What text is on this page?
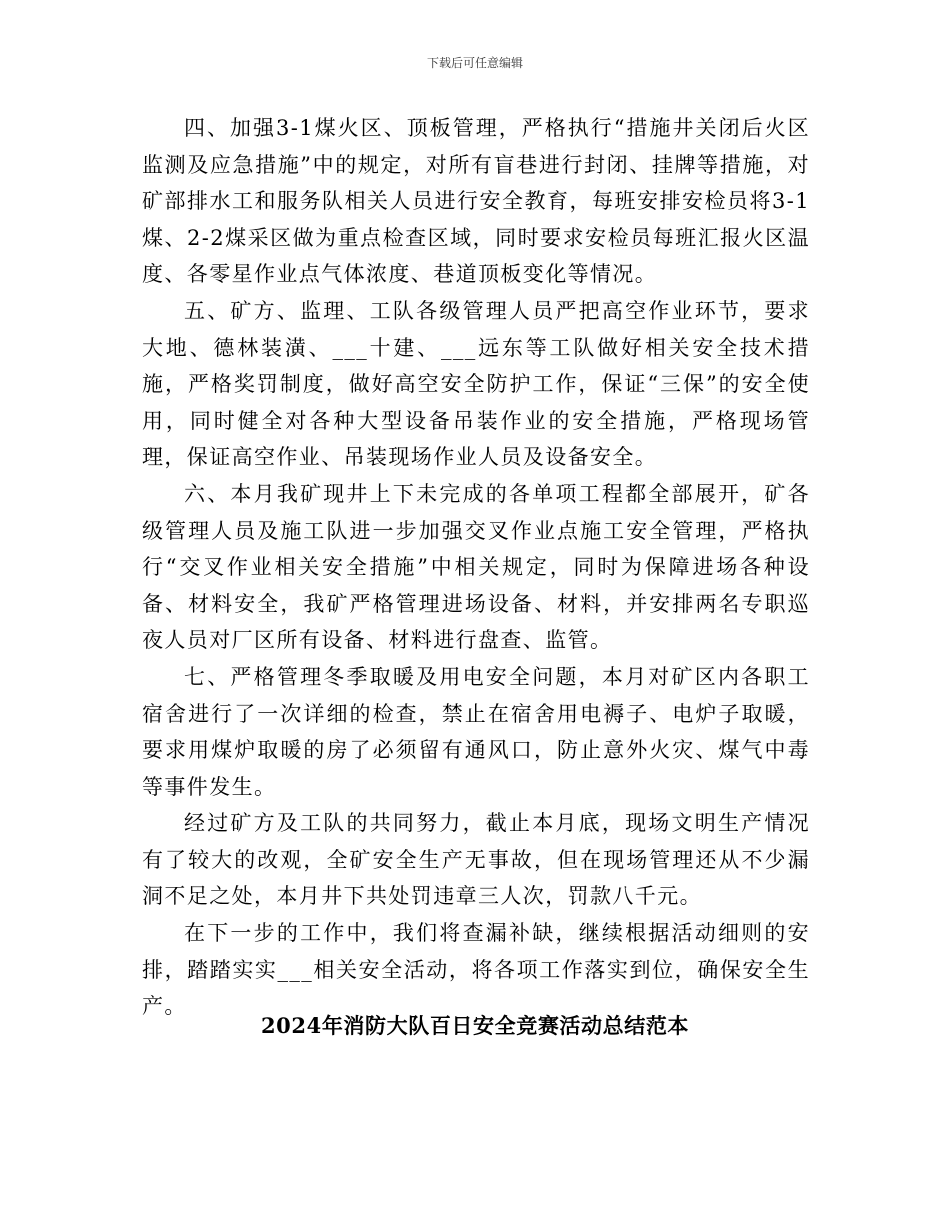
下载后可任意编辑

四、加强3-1煤火区、顶板管理，严格执行“措施井关闭后火区监测及应急措施”中的规定，对所有盲巷进行封闭、挂牌等措施，对矿部排水工和服务队相关人员进行安全教育，每班安排安检员将3-1煤、2-2煤采区做为重点检查区域，同时要求安检员每班汇报火区温度、各零星作业点气体浓度、巷道顶板变化等情况。

五、矿方、监理、工队各级管理人员严把高空作业环节，要求大地、德林装潢、___十建、___远东等工队做好相关安全技术措施，严格奖罚制度，做好高空安全防护工作，保证“三保”的安全使用，同时健全对各种大型设备吊装作业的安全措施，严格现场管理，保证高空作业、吊装现场作业人员及设备安全。

六、本月我矿现井上下未完成的各单项工程都全部展开，矿各级管理人员及施工队进一步加强交叉作业点施工安全管理，严格执行“交叉作业相关安全措施”中相关规定，同时为保障进场各种设备、材料安全，我矿严格管理进场设备、材料，并安排两名专职巡夜人员对厂区所有设备、材料进行盘查、监管。

七、严格管理冬季取暖及用电安全问题，本月对矿区内各职工宿舍进行了一次详细的检查，禁止在宿舍用电褥子、电炉子取暖，要求用煤炉取暖的房了必须留有通风口，防止意外火灾、煤气中毒等事件发生。

经过矿方及工队的共同努力，截止本月底，现场文明生产情况有了较大的改观，全矿安全生产无事故，但在现场管理还从不少漏洞不足之处，本月井下共处罚违章三人次，罚款八千元。

在下一步的工作中，我们将查漏补缺，继续根据活动细则的安排，踏踏实实___相关安全活动，将各项工作落实到位，确保安全生产。

2024年消防大队百日安全竞赛活动总结范本
